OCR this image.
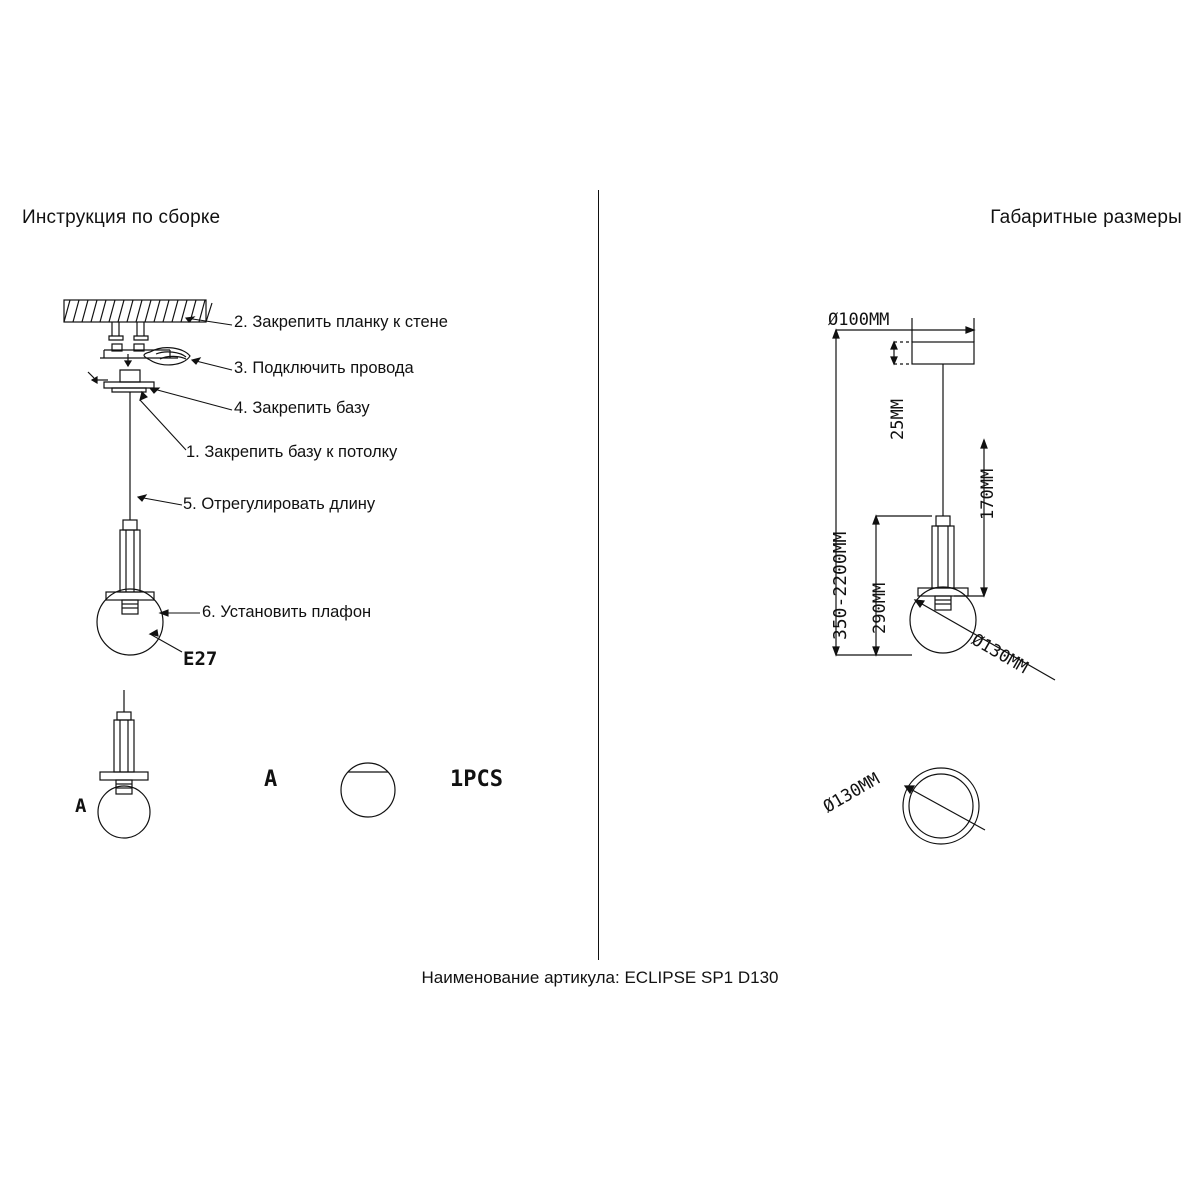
Инструкция по сборке	Габаритные размеры
2. Закрепить планку к стене
3. Подключить провода
4. Закрепить базу
1. Закрепить базу к потолку
5. Отрегулировать длину
6. Установить плафон
E27
A
A	1PCS
Ø100MM
25MM
350-2200MM 290MM
170MM
Ø130MM
Ø130MM
Наименование артикула: ECLIPSE SP1 D130
